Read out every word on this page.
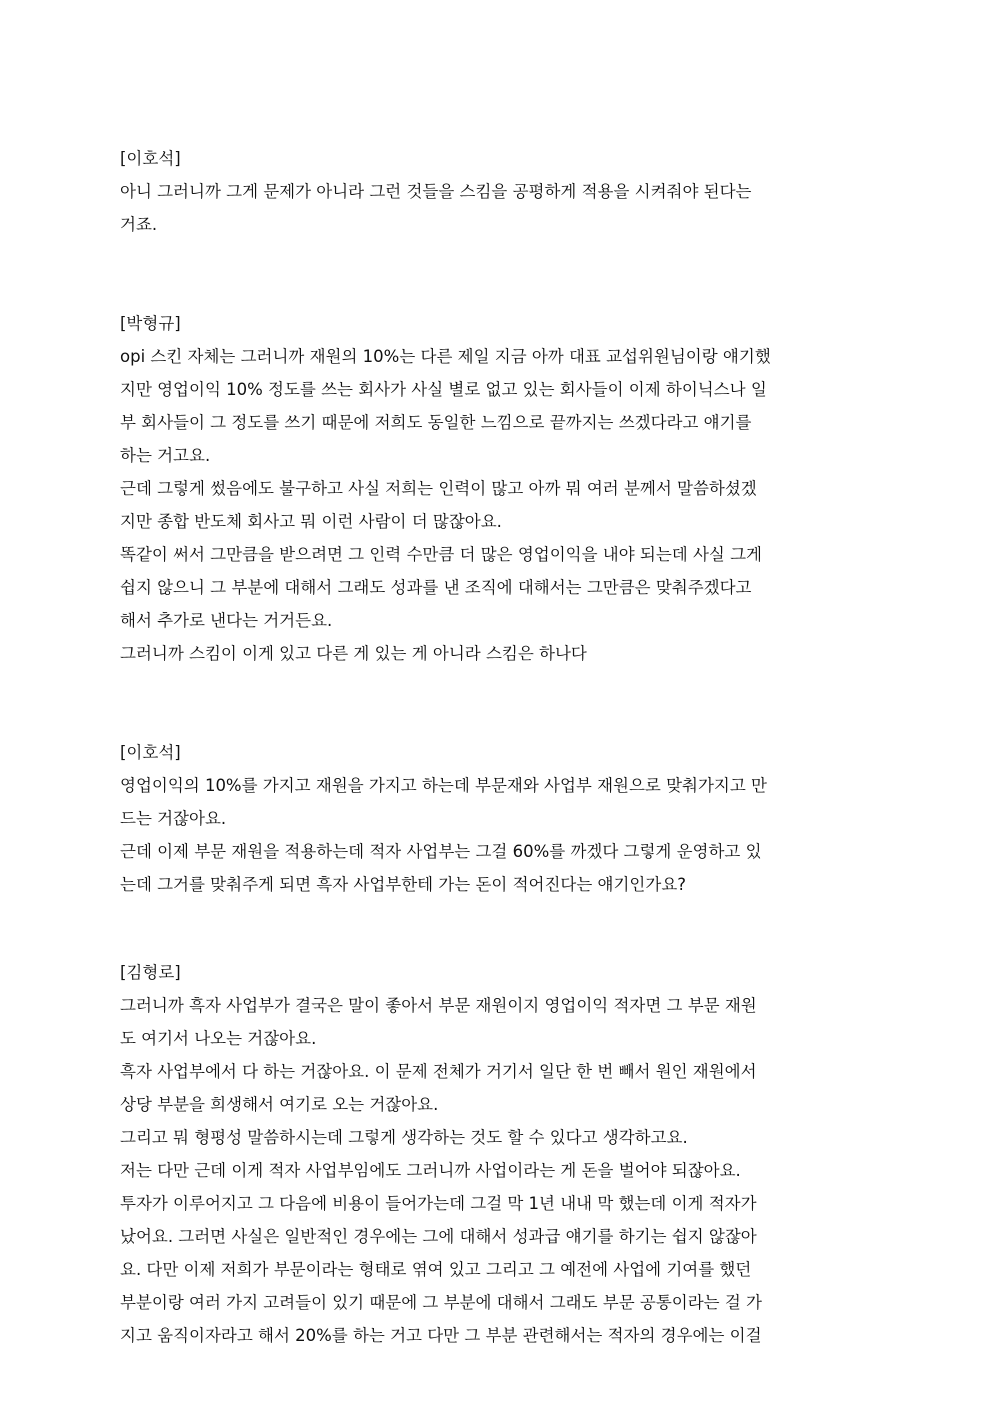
[이호석]

아니 그러니까 그게 문제가 아니라 그런 것들을 스킴을 공평하게 적용을 시켜줘야 된다는

거죠.

[박형규]

opi 스킨 자체는 그러니까 재원의 10%는 다른 제일 지금 아까 대표 교섭위원님이랑 얘기했

지만 영업이익 10% 정도를 쓰는 회사가 사실 별로 없고 있는 회사들이 이제 하이닉스나 일

부 회사들이 그 정도를 쓰기 때문에 저희도 동일한 느낌으로 끝까지는 쓰겠다라고 얘기를

하는 거고요.

근데 그렇게 썼음에도 불구하고 사실 저희는 인력이 많고 아까 뭐 여러 분께서 말씀하셨겠

지만 종합 반도체 회사고 뭐 이런 사람이 더 많잖아요.

똑같이 써서 그만큼을 받으려면 그 인력 수만큼 더 많은 영업이익을 내야 되는데 사실 그게

쉽지 않으니 그 부분에 대해서 그래도 성과를 낸 조직에 대해서는 그만큼은 맞춰주겠다고

해서 추가로 낸다는 거거든요.

그러니까 스킴이 이게 있고 다른 게 있는 게 아니라 스킴은 하나다

[이호석]

영업이익의 10%를 가지고 재원을 가지고 하는데 부문재와 사업부 재원으로 맞춰가지고 만

드는 거잖아요.

근데 이제 부문 재원을 적용하는데 적자 사업부는 그걸 60%를 까겠다 그렇게 운영하고 있

는데 그거를 맞춰주게 되면 흑자 사업부한테 가는 돈이 적어진다는 얘기인가요?

[김형로]

그러니까 흑자 사업부가 결국은 말이 좋아서 부문 재원이지 영업이익 적자면 그 부문 재원

도 여기서 나오는 거잖아요.

흑자 사업부에서 다 하는 거잖아요. 이 문제 전체가 거기서 일단 한 번 빼서 원인 재원에서

상당 부분을 희생해서 여기로 오는 거잖아요.

그리고 뭐 형평성 말씀하시는데 그렇게 생각하는 것도 할 수 있다고 생각하고요.

저는 다만 근데 이게 적자 사업부임에도 그러니까 사업이라는 게 돈을 벌어야 되잖아요.

투자가 이루어지고 그 다음에 비용이 들어가는데 그걸 막 1년 내내 막 했는데 이게 적자가

났어요. 그러면 사실은 일반적인 경우에는 그에 대해서 성과급 얘기를 하기는 쉽지 않잖아

요. 다만 이제 저희가 부문이라는 형태로 엮여 있고 그리고 그 예전에 사업에 기여를 했던

부분이랑 여러 가지 고려들이 있기 때문에 그 부분에 대해서 그래도 부문 공통이라는 걸 가

지고 움직이자라고 해서 20%를 하는 거고 다만 그 부분 관련해서는 적자의 경우에는 이걸
